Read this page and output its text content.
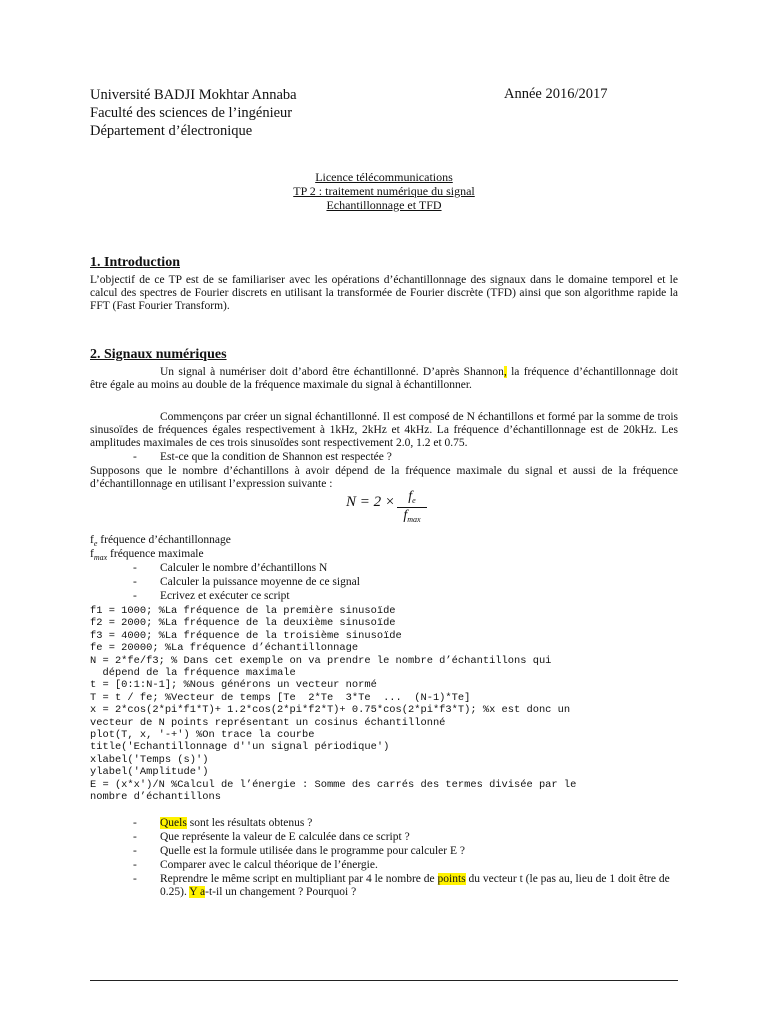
Université BADJI Mokhtar Annaba
Faculté des sciences de l’ingénieur
Département d’électronique
Année 2016/2017
Licence télécommunications
TP 2 : traitement numérique du signal
Echantillonnage et TFD
1. Introduction
L’objectif de ce TP est de se familiariser avec les opérations d’échantillonnage des signaux dans le domaine temporel et le calcul des spectres de Fourier discrets en utilisant la transformée de Fourier discrète (TFD) ainsi que son algorithme rapide la FFT (Fast Fourier Transform).
2. Signaux numériques
Un signal à numériser doit d’abord être échantillonné. D’après Shannon, la fréquence d’échantillonnage doit être égale au moins au double de la fréquence maximale du signal à échantillonner.
Commençons par créer un signal échantillonné. Il est composé de N échantillons et formé par la somme de trois sinusoïdes de fréquences égales respectivement à 1kHz, 2kHz et 4kHz. La fréquence d’échantillonnage est de 20kHz. Les amplitudes maximales de ces trois sinusoïdes sont respectivement 2.0, 1.2 et 0.75.
- Est-ce que la condition de Shannon est respectée ?
Supposons que le nombre d’échantillons à avoir dépend de la fréquence maximale du signal et aussi de la fréquence d’échantillonnage en utilisant l’expression suivante :
$N = 2 \times f_e$
$f_{max}$
$f_e$ fréquence d’échantillonnage
$f_{max}$ fréquence maximale
- Calculer le nombre d’échantillons N
- Calculer la puissance moyenne de ce signal
- Ecrivez et exécuter ce script
f1 = 1000; %La fréquence de la première sinusoïde
f2 = 2000; %La fréquence de la deuxième sinusoïde
f3 = 4000; %La fréquence de la troisième sinusoïde
fe = 20000; %La fréquence d’échantillonnage
N = 2*fe/f3; % Dans cet exemple on va prendre le nombre d’échantillons qui
dépend de la fréquence maximale
t = [0:1:N-1]; %Nous générons un vecteur normé
T = t / fe; %Vecteur de temps [Te  2*Te  3*Te  ...  (N-1)*Te]
x = 2*cos(2*pi*f1*T)+ 1.2*cos(2*pi*f2*T)+ 0.75*cos(2*pi*f3*T); %x est donc un
vecteur de N points représentant un cosinus échantillonné
plot(T, x, '-+') %On trace la courbe
title('Echantillonnage d''un signal périodique')
xlabel('Temps (s)')
ylabel('Amplitude')
E = (x*x')/N %Calcul de l’énergie : Somme des carrés des termes divisée par le
nombre d’échantillons
- Quels sont les résultats obtenus ?
- Que représente la valeur de E calculée dans ce script ?
- Quelle est la formule utilisée dans le programme pour calculer E ?
- Comparer avec le calcul théorique de l’énergie.
- Reprendre le même script en multipliant par 4 le nombre de points du vecteur t (le pas au, lieu de 1 doit être de 0.25). Y a-t-il un changement ? Pourquoi ?
